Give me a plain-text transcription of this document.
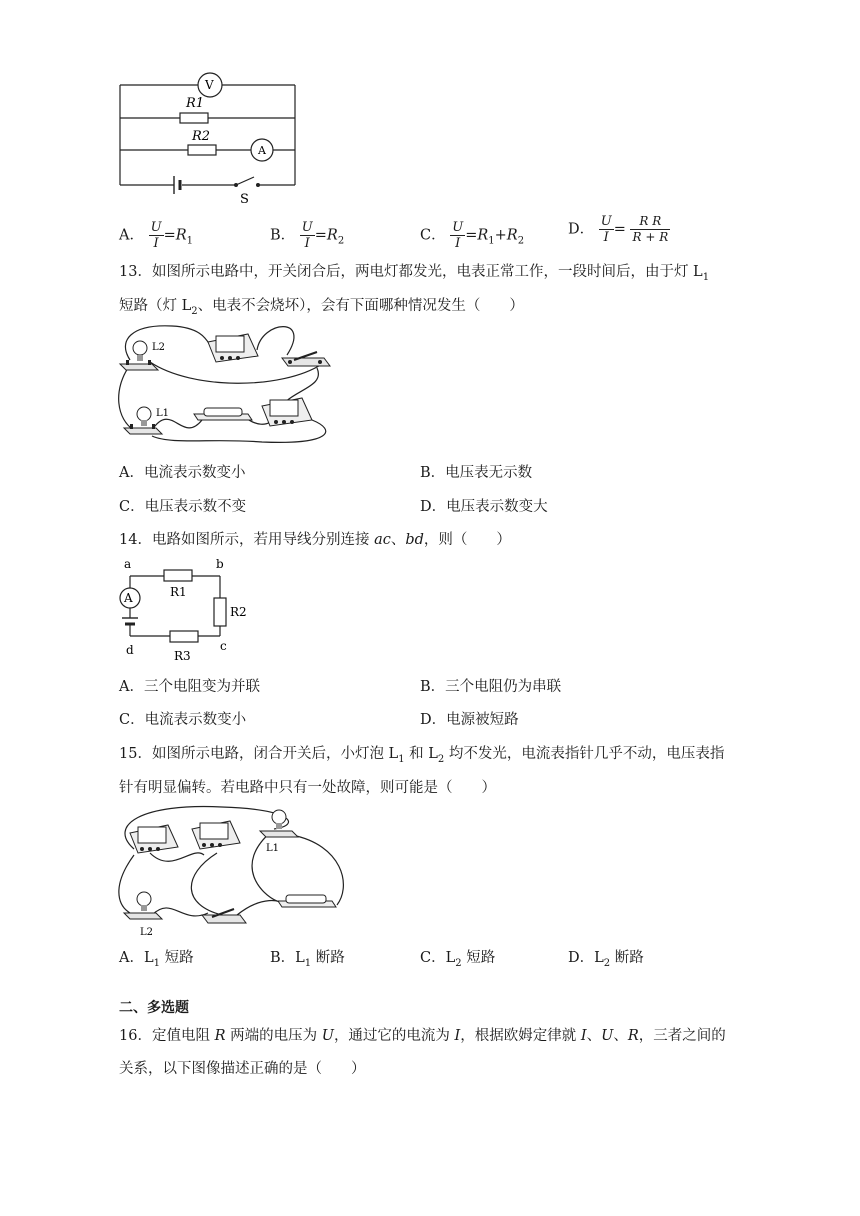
V
A
R1
R2
S
A． $\frac{U}{I} =R_1$	B． $\frac{U}{I} =R_2$	C． $\frac{U}{I} =R_1+R_2$
D． $\frac{U}{I} = \frac{\text{R R}}{R + R}$
13．如图所示电路中，开关闭合后，两电灯都发光，电表正常工作，一段时间后，由于灯 $L_1$
短路（灯 $L_2$、电表不会烧坏），会有下面哪种情况发生（　　）
L2
L1
A．电流表示数变小	B．电压表无示数
C．电压表示数不变	D．电压表示数变大
14．电路如图所示，若用导线分别连接 ac、bd，则（　　）
A
a	b
c
d
R1
R2
R3
A．三个电阻变为并联	B．三个电阻仍为串联
C．电流表示数变小	D．电源被短路
15．如图所示电路，闭合开关后，小灯泡 $L_1$ 和 $L_2$ 均不发光，电流表指针几乎不动，电压表指
针有明显偏转。若电路中只有一处故障，则可能是（　　）
L1
L2
A．$L_1$ 短路	B．$L_1$ 断路	C．$L_2$ 短路	D．$L_2$ 断路
二、多选题
16．定值电阻 R 两端的电压为 U，通过它的电流为 I，根据欧姆定律就 I、U、R，三者之间的
关系，以下图像描述正确的是（　　）
